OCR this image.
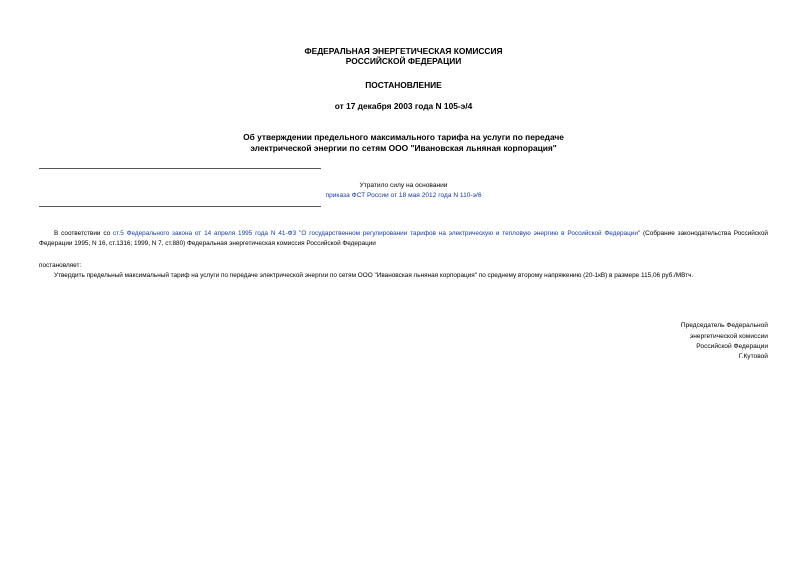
ФЕДЕРАЛЬНАЯ ЭНЕРГЕТИЧЕСКАЯ КОМИССИЯ
РОССИЙСКОЙ ФЕДЕРАЦИИ
ПОСТАНОВЛЕНИЕ
от 17 декабря 2003 года N 105-э/4
Об утверждении предельного максимального тарифа на услуги по передаче
электрической энергии по сетям ООО "Ивановская льняная корпорация"
Утратило силу на основании
приказа ФСТ России от 18 мая 2012 года N 110-э/6
В соответствии со ст.5 Федерального закона от 14 апреля 1995 года N 41-ФЗ "О государственном регулировании тарифов на электрическую и тепловую энергию в Российской Федерации" (Собрание законодательства Российской Федерации 1995, N 16, ст.1316; 1999, N 7, ст.880) Федеральная энергетическая комиссия Российской Федерации
постановляет:
Утвердить предельный максимальный тариф на услуги по передаче электрической энергии по сетям ООО "Ивановская льняная корпорация" по среднему второму напряжению (20-1кВ) в размере 115,06 руб./МВтч.
Председатель Федеральной
энергетической комиссии
Российской Федерации
Г.Кутовой
